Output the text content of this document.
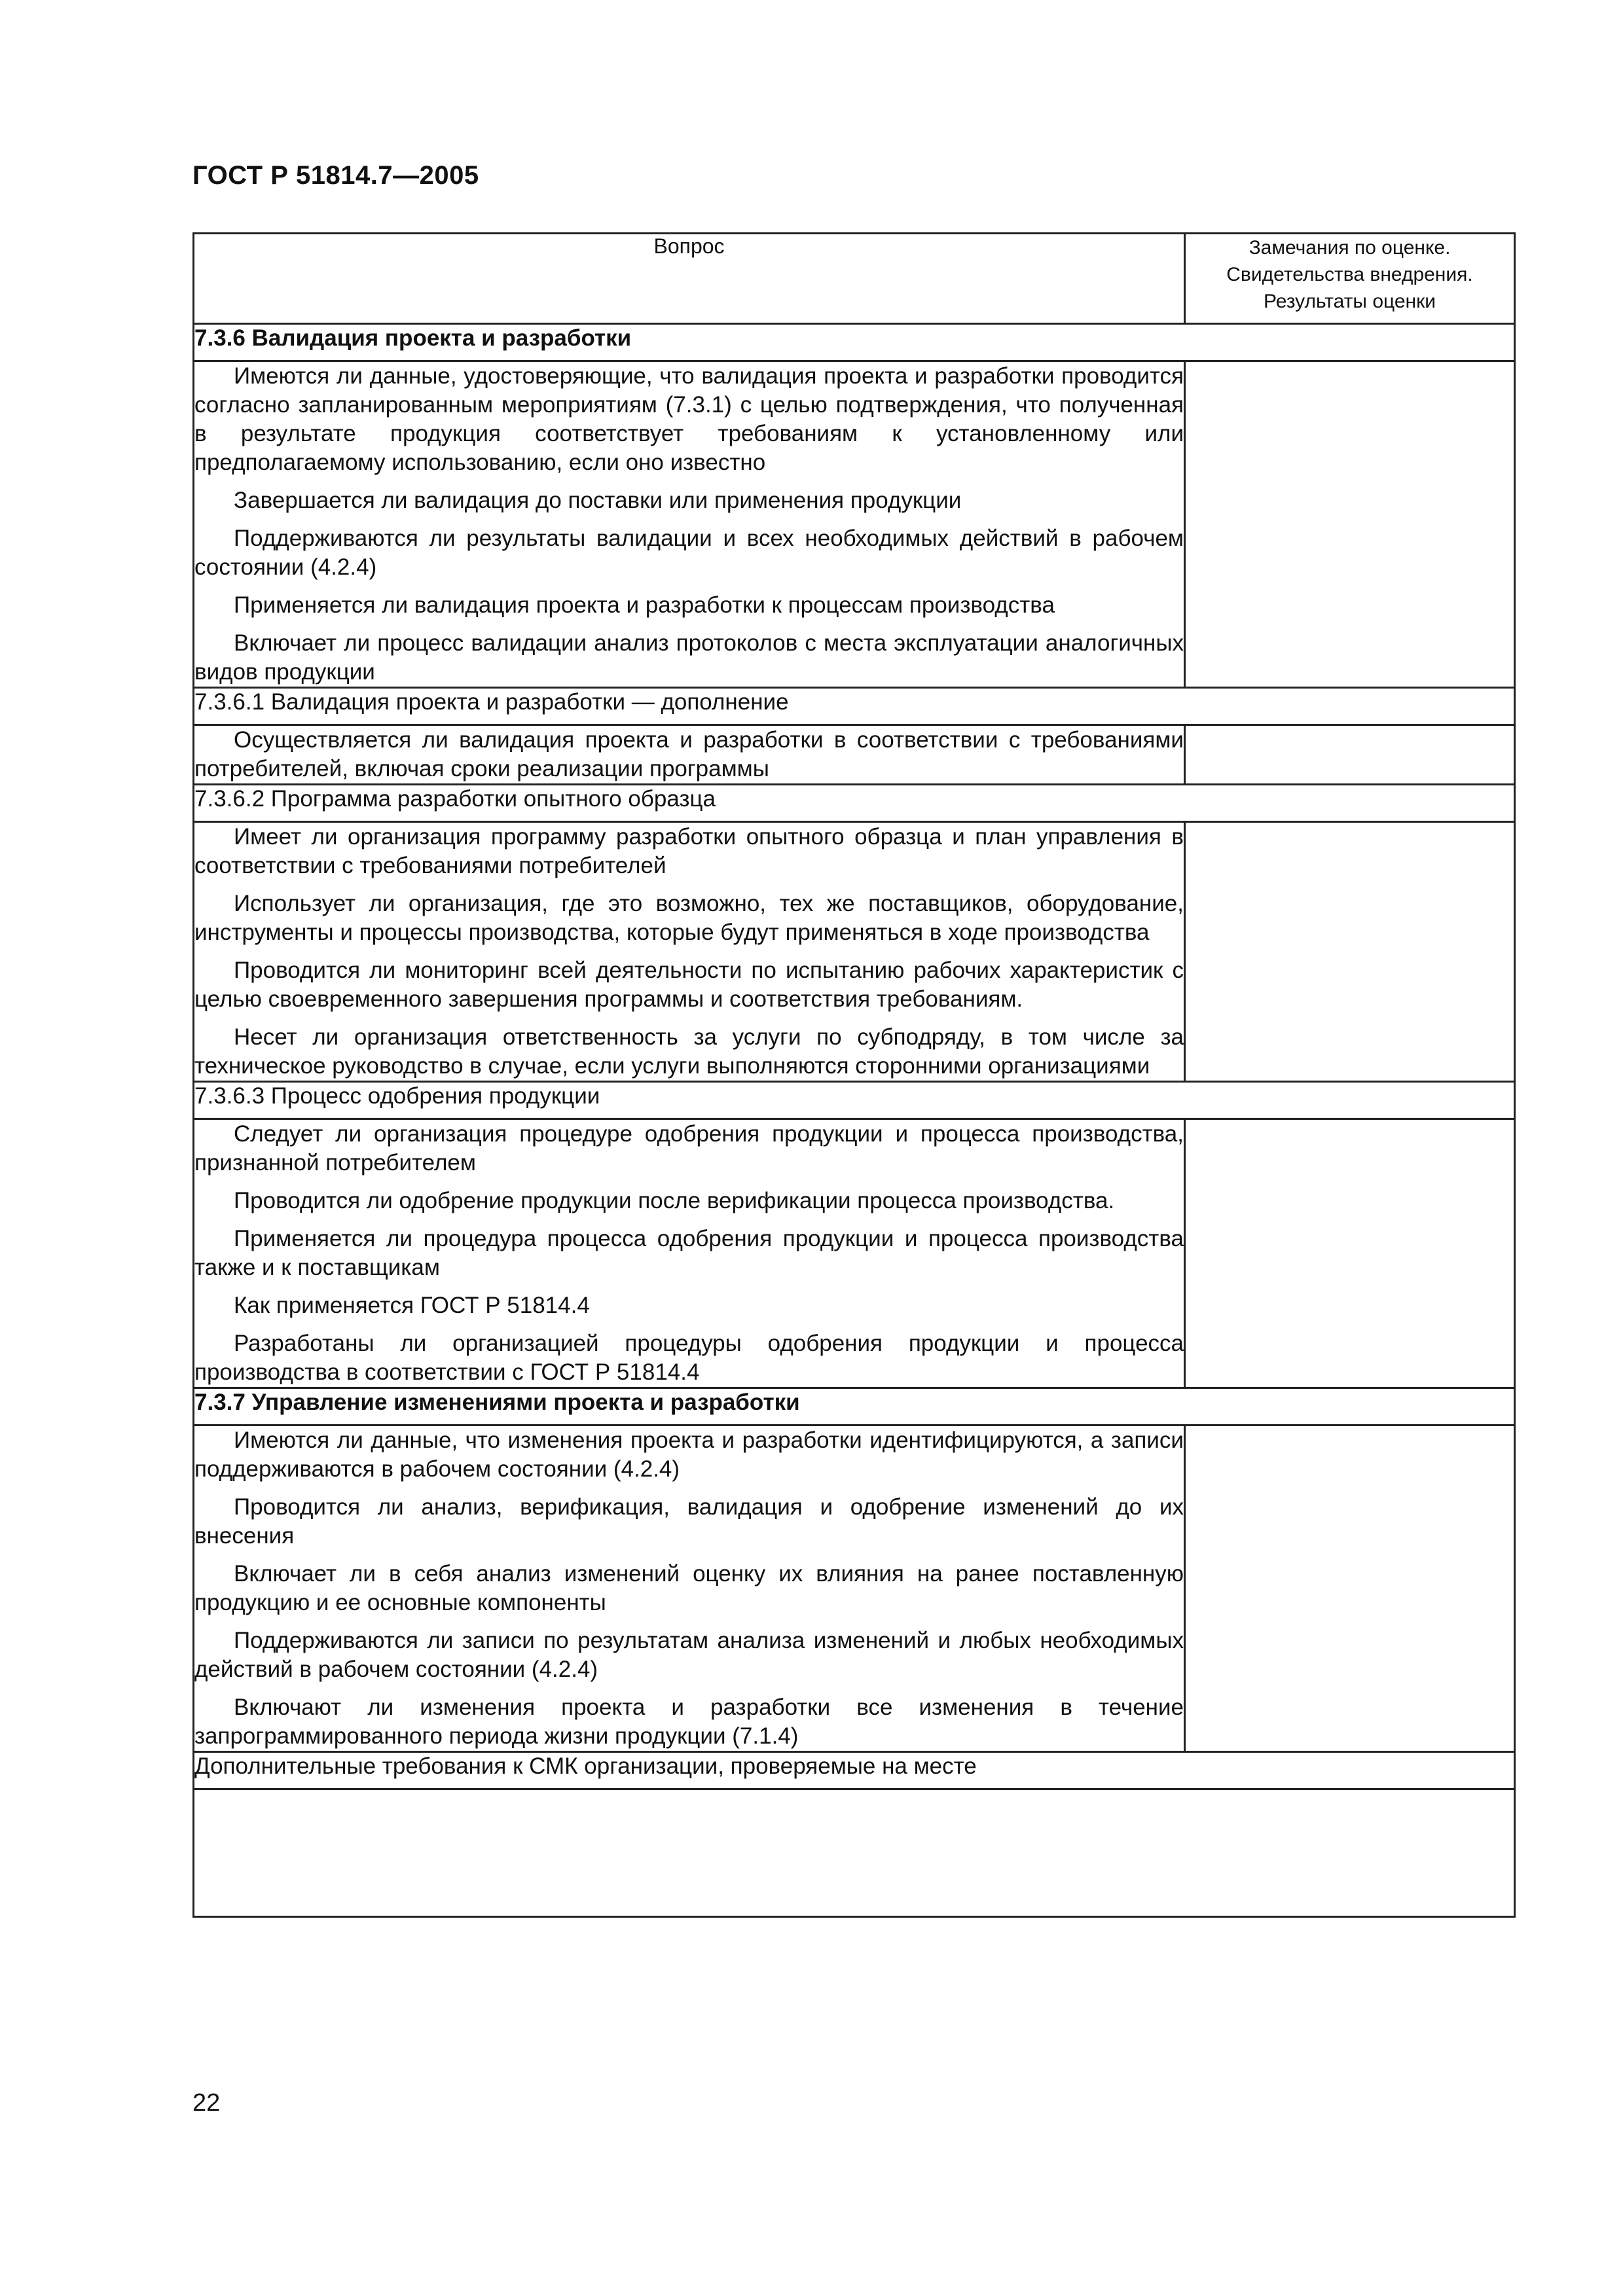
ГОСТ Р 51814.7—2005
Вопрос	Замечания по оценке.
Свидетельства внедрения.
Результаты оценки

7.3.6 Валидация проекта и разработки	

Имеются ли данные, удостоверяющие, что валидация проекта и разработки проводится согласно запланированным мероприятиям (7.3.1) с целью подтверждения, что полученная в результате продукция соответствует требованиям к установленному или предполагаемому использованию, если оно известно

Завершается ли валидация до поставки или применения продукции

Поддерживаются ли результаты валидации и всех необходимых действий в рабочем состоянии (4.2.4)

Применяется ли валидация проекта и разработки к процессам производства

Включает ли процесс валидации анализ протоколов с места эксплуатации аналогичных видов продукции	

7.3.6.1 Валидация проекта и разработки — дополнение	

Осуществляется ли валидация проекта и разработки в соответствии с требованиями потребителей, включая сроки реализации программы	

7.3.6.2 Программа разработки опытного образца	

Имеет ли организация программу разработки опытного образца и план управления в соответствии с требованиями потребителей

Использует ли организация, где это возможно, тех же поставщиков, оборудование, инструменты и процессы производства, которые будут применяться в ходе производства

Проводится ли мониторинг всей деятельности по испытанию рабочих характеристик с целью своевременного завершения программы и соответствия требованиям.

Несет ли организация ответственность за услуги по субподряду, в том числе за техническое руководство в случае, если услуги выполняются сторонними организациями	

7.3.6.3 Процесс одобрения продукции	

Следует ли организация процедуре одобрения продукции и процесса производства, признанной потребителем

Проводится ли одобрение продукции после верификации процесса производства.

Применяется ли процедура процесса одобрения продукции и процесса производства также и к поставщикам

Как применяется ГОСТ Р 51814.4

Разработаны ли организацией процедуры одобрения продукции и процесса производства в соответствии с ГОСТ Р 51814.4	

7.3.7 Управление изменениями проекта и разработки	

Имеются ли данные, что изменения проекта и разработки идентифицируются, а записи поддерживаются в рабочем состоянии (4.2.4)

Проводится ли анализ, верификация, валидация и одобрение изменений до их внесения

Включает ли в себя анализ изменений оценку их влияния на ранее поставленную продукцию и ее основные компоненты

Поддерживаются ли записи по результатам анализа изменений и любых необходимых действий в рабочем состоянии (4.2.4)

Включают ли изменения проекта и разработки все изменения в течение запрограммированного периода жизни продукции (7.1.4)	

Дополнительные требования к СМК организации, проверяемые на месте	

22
